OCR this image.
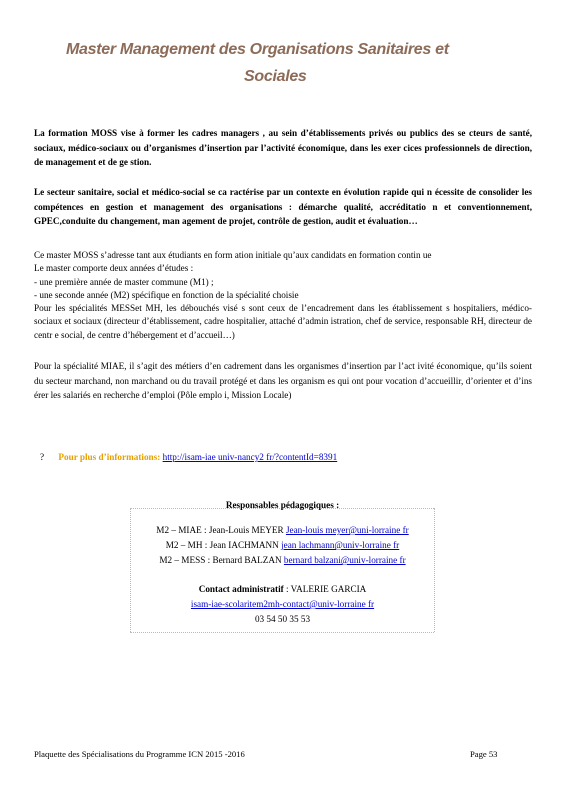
Master Management des Organisations Sanitaires et
Sociales
La formation MOSS vise à former les cadres managers , au sein d’établissements privés ou publics des se cteurs de santé, sociaux, médico-sociaux ou d’organismes d’insertion par l’activité économique, dans les exer cices professionnels de direction, de management et de ge stion.
Le secteur sanitaire, social et médico-social se ca ractérise par un contexte en évolution rapide qui n écessite de consolider les compétences en gestion et management des organisations : démarche qualité, accréditatio n et conventionnement, GPEC,conduite du changement, man agement de projet, contrôle de gestion, audit et évaluation…
Ce master MOSS s’adresse tant aux étudiants en form ation initiale qu’aux candidats en formation contin ue
Le master comporte deux années d’études :
- une première année de master commune (M1) ;
- une seconde année (M2) spécifique en fonction de la spécialité choisie
Pour les spécialités MESSet MH, les débouchés visé s sont ceux de l’encadrement dans les établissement s hospitaliers, médico-sociaux et sociaux (directeur d’établissement, cadre hospitalier, attaché d’admin istration, chef de service, responsable RH, directeur de centr e social, de centre d’hébergement et d’accueil…)
Pour la spécialité MIAE, il s’agit des métiers d’en cadrement dans les organismes d’insertion par l’act ivité économique, qu’ils soient du secteur marchand, non marchand ou du travail protégé et dans les organism es qui ont pour vocation d’accueillir, d’orienter et d’ins érer les salariés en recherche d’emploi (Pôle emplo i, Mission Locale)
? Pour plus d’informations: http://isam-iae univ-nancy2 fr/?contentId=8391
Responsables pédagogiques :
M2 – MIAE : Jean-Louis MEYER Jean-louis meyer@uni-lorraine fr
M2 – MH : Jean IACHMANN jean lachmann@univ-lorraine fr
M2 – MESS : Bernard BALZAN bernard balzani@univ-lorraine fr
Contact administratif : VALERIE GARCIA
isam-iae-scolaritem2mh-contact@univ-lorraine fr
03 54 50 35 53
Plaquette des Spécialisations du Programme ICN 2015 -2016	Page 53
